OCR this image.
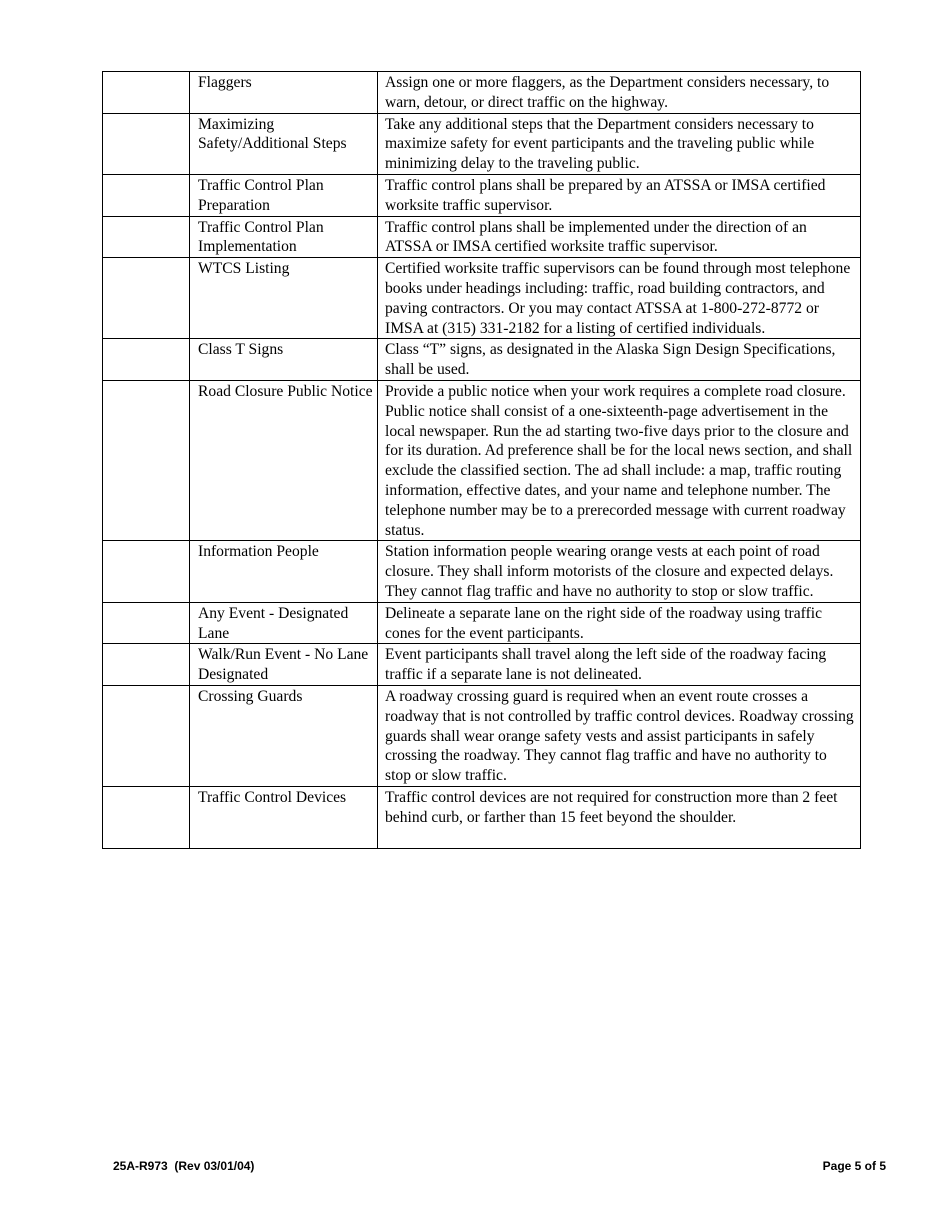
	Flaggers	Assign one or more flaggers, as the Department considers necessary, to warn, detour, or direct traffic on the highway.
	Maximizing Safety/Additional Steps	Take any additional steps that the Department considers necessary to maximize safety for event participants and the traveling public while minimizing delay to the traveling public.
	Traffic Control Plan Preparation	Traffic control plans shall be prepared by an ATSSA or IMSA certified worksite traffic supervisor.
	Traffic Control Plan Implementation	Traffic control plans shall be implemented under the direction of an ATSSA or IMSA certified worksite traffic supervisor.
	WTCS Listing	Certified worksite traffic supervisors can be found through most telephone books under headings including: traffic, road building contractors, and paving contractors. Or you may contact ATSSA at 1-800-272-8772 or IMSA at (315) 331-2182 for a listing of certified individuals.
	Class T Signs	Class “T” signs, as designated in the Alaska Sign Design Specifications, shall be used.
	Road Closure Public Notice	Provide a public notice when your work requires a complete road closure. Public notice shall consist of a one-sixteenth-page advertisement in the local newspaper. Run the ad starting two-five days prior to the closure and for its duration. Ad preference shall be for the local news section, and shall exclude the classified section. The ad shall include: a map, traffic routing information, effective dates, and your name and telephone number. The telephone number may be to a prerecorded message with current roadway status.
	Information People	Station information people wearing orange vests at each point of road closure. They shall inform motorists of the closure and expected delays. They cannot flag traffic and have no authority to stop or slow traffic.
	Any Event - Designated Lane	Delineate a separate lane on the right side of the roadway using traffic cones for the event participants.
	Walk/Run Event - No Lane Designated	Event participants shall travel along the left side of the roadway facing traffic if a separate lane is not delineated.
	Crossing Guards	A roadway crossing guard is required when an event route crosses a roadway that is not controlled by traffic control devices. Roadway crossing guards shall wear orange safety vests and assist participants in safely crossing the roadway. They cannot flag traffic and have no authority to stop or slow traffic.
	Traffic Control Devices	Traffic control devices are not required for construction more than 2 feet behind curb, or farther than 15 feet beyond the shoulder.
25A-R973  (Rev 03/01/04)	Page 5 of 5
